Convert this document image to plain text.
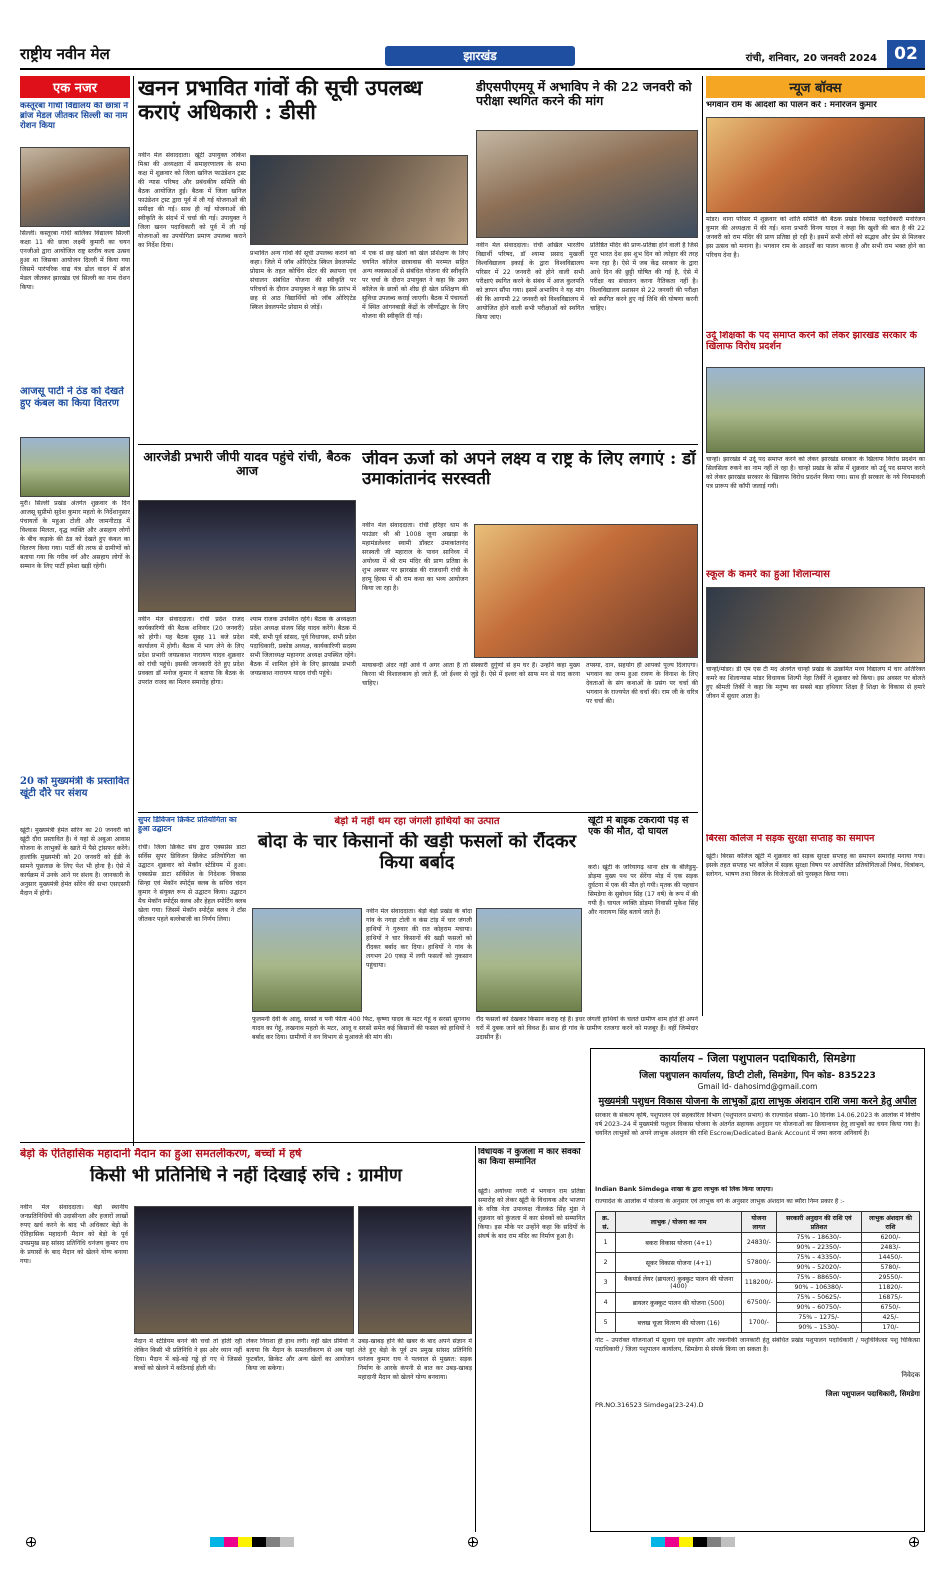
राष्ट्रीय नवीन मेल	झारखंड	रांची, शनिवार, 20 जनवरी 2024	02
एक नजर
कस्तूरबा गांधी विद्यालय की छात्रा ने ब्रांज मेडल जीतकर सिल्ली का नाम रोशन किया
सिल्ली। कस्तूरबा गांधी बालिका विद्यालय सिल्ली कक्षा 11 की छात्रा लक्ष्मी कुमारी का चयन एनजीओ द्वारा आयोजित राष्ट्र स्तरीय कला उत्सव हुआ था जिसका आयोजन दिल्ली में किया गया जिसमें पारंपरिक वाद्य यंत्र ढोल वादन में ब्रांज मेडल जीतकर झारखंड एवं सिल्ली का नाम रोशन किया।
आजसू पार्टी ने ठंड को देखते हुए कंबल का किया वितरण
मुरी। सिल्ली प्रखंड अंतर्गत शुक्रवार के दिन आजसू सुप्रीमो सुदेश कुमार महतो के निर्देशानुसार पंचायतों के महुआ टोली और जामनीटाड़ में विश्वास मिलता, वृद्ध व्यक्ति और असहाय लोगों के बीच कड़ाके की ठंड को देखते हुए कंबल का वितरण किया गया। पार्टी की तरफ से ग्रामीणों को बताया गया कि गरीब वर्ग और असहाय लोगों के सम्मान के लिए पार्टी हमेशा खड़ी रहेगी।
20 को मुख्यमंत्री के प्रस्तावित खूंटी दौरे पर संशय
खूंटी। मुख्यमंत्री हेमंत सोरेन का 20 जनवरी को खूंटी दौरा प्रस्तावित है। वे यहां से अबुआ आवास योजना के लाभुकों के खाते में पैसे ट्रांसफर करेंगे। हालांकि मुख्यमंत्री को 20 जनवरी को ईडी के सामने पूछताछ के लिए पेश भी होना है। ऐसे में कार्यक्रम में उनके आने पर संशय है। जानकारी के अनुसार मुख्यमंत्री हेमंत सोरेन की सभा एसएसपी मैदान में होगी।
खनन प्रभावित गांवों की सूची उपलब्ध कराएं अधिकारी : डीसी
नवीन मेल संवाददाता। खूंटी उपायुक्त लोकेश मिश्रा की अध्यक्षता में समाहरणालय के सभा कक्ष में शुक्रवार को जिला खनिज फाउंडेशन ट्रस्ट की न्यास परिषद और प्रबंधकीय समिति की बैठक आयोजित हुई। बैठक में जिला खनिज फाउंडेशन ट्रस्ट द्वारा पूर्व में ली गई योजनाओं की समीक्षा की गई। साथ ही नई योजनाओं की स्वीकृति के संदर्भ में चर्चा की गई। उपायुक्त ने जिला खनन पदाधिकारी को पूर्व में ली गई योजनाओं का उपयोगिता प्रमाण उपलब्ध कराने का निर्देश दिया।
प्रभावित अन्य गांवों की सूची उपलब्ध कराने को कहा। जिले में जॉब ओरिएंटेड स्किल डेवलपमेंट प्रोग्राम के तहत कोचिंग सेंटर की स्थापना एवं संचालन संबंधित योजना की स्वीकृति पर परिचर्चा के दौरान उपायुक्त ने कहा कि प्रारंभ में छह से आठ विद्यार्थियों को जॉब ओरिएंटेड स्किल डेवलपमेंट प्रोग्राम से जोड़ें।
में एक से छह खेलों को खेल प्रशिक्षण के लिए चयनित कॉलेज छात्रावास की मरम्मत सहित अन्य व्यवस्थाओं से संबंधित योजना की स्वीकृति पर चर्चा के दौरान उपायुक्त ने कहा कि उक्त कॉलेज के छात्रों को शीघ्र ही खेल प्रशिक्षण की सुविधा उपलब्ध कराई जाएगी। बैठक में पंचायतों में स्थित आंगनबाड़ी केंद्रों के जीर्णोद्धार के लिए योजना की स्वीकृति दी गई।
डीएसपीएमयू में अभाविप ने की 22 जनवरी को परीक्षा स्थगित करने की मांग
नवीन मेल संवाददाता। रांची अखिल भारतीय विद्यार्थी परिषद, डॉ श्यामा प्रसाद मुखर्जी विश्वविद्यालय इकाई के द्वारा विश्वविद्यालय परिसर में 22 जनवरी को होने वाली सभी परीक्षाएं स्थगित करने के संबंध में आज कुलपति को ज्ञापन सौंपा गया। इसमें अभाविप ने यह मांग की कि आगामी 22 जनवरी को विश्वविद्यालय में आयोजित होने वाली सभी परीक्षाओं को स्थगित किया जाए।
प्रतिष्ठित मंदिर की प्राण-प्रतिष्ठा होने वाली है जिसे पूरा भारत देश इस शुभ दिन को त्योहार की तरह मना रहा है। ऐसे में जब केंद्र सरकार के द्वारा आधे दिन की छुट्टी घोषित की गई है, ऐसे में परीक्षा का संचालन करना नैतिकता नहीं है। विश्वविद्यालय प्रशासन से 22 जनवरी की परीक्षा को स्थगित करने हुए नई तिथि की घोषणा करनी चाहिए।
न्यूज बॉक्स
भगवान राम के आदर्शों का पालन करें : मनोरंजन कुमार
मांडर। थाना परिसर में शुक्रवार को शांति समिति की बैठक प्रखंड विकास पदाधिकारी मनोरंजन कुमार की अध्यक्षता में की गई। थाना प्रभारी विनय यादव ने कहा कि खुशी की बात है की 22 जनवरी को राम मंदिर की प्राण प्रतिष्ठा हो रही है। इसमें सभी लोगों को सद्भाव और प्रेम से मिलकर इस उत्सव को मनाना है। भगवान राम के आदर्शों का पालन करना है और सभी राम भक्त होने का परिचय देना है।
उर्दू शिक्षकों के पद समाप्त करने को लेकर झारखंड सरकार के खिलाफ विरोध प्रदर्शन
चान्हो। झारखंड में उर्दू पद समाप्त करने को लेकर झारखंड सरकार के खिलाफ विरोध प्रदर्शन का सिलसिला रुकने का नाम नहीं ले रहा है। चान्हो प्रखंड के सोंस में शुक्रवार को उर्दू पद समाप्त करने को लेकर झारखंड सरकार के खिलाफ विरोध प्रदर्शन किया गया। साथ ही सरकार के नये नियमावली पत्र प्रारूप की कॉपी जलाई गयी।
स्कूल के कमरे का हुआ शिलान्यास
चान्हो/मांडर। डी एम एस टी मद अंतर्गत चान्हो प्रखंड के उत्क्रमित मध्य विद्यालय में चार अतिरिक्त कमरे का शिलान्यास मांडर विधायक शिल्पी नेहा तिर्की ने शुक्रवार को किया। इस अवसर पर बोलते हुए श्रीमती तिर्की ने कहा कि मनुष्य का सबसे बड़ा हथियार शिक्षा है शिक्षा के विकास से हमारे जीवन में सुधार आता है।
बिरसा कॉलेज में सड़क सुरक्षा सप्ताह का समापन
खूंटी। बिरसा कॉलेज खूंटी में शुक्रवार को सड़क सुरक्षा सप्ताह का समापन समारोह मनाया गया। इसके तहत सप्ताह भर कॉलेज में सड़क सुरक्षा विषय पर आयोजित प्रतियोगिताओं निबंध, चित्रांकन, स्लोगन, भाषण तथा विवज के विजेताओं को पुरस्कृत किया गया।
आरजेडी प्रभारी जीपी यादव पहुंचे रांची, बैठक आज
नवीन मेल संवाददाता। रांची प्रदेश राजद कार्यकारिणी की बैठक शनिवार (20 जनवरी) को होगी। यह बैठक सुबह 11 बजे प्रदेश कार्यालय में होगी। बैठक में भाग लेने के लिए प्रदेश प्रभारी जयप्रकाश नारायण यादव शुक्रवार को रांची पहुंचे। इसकी जानकारी देते हुए प्रदेश प्रवक्ता डॉ मनोज कुमार ने बताया कि बैठक के उपरांत राजद का मिलन समारोह होगा।
श्याम राजक उपस्थित रहेंगे। बैठक के अध्यक्षता प्रदेश अध्यक्ष संजय सिंह यादव करेंगे। बैठक में मंत्री, सभी पूर्व सांसद, पूर्व विधायक, सभी प्रदेश पदाधिकारी, प्रकोष्ठ अध्यक्ष, कार्यकारिणी सदस्य सभी जिलाध्यक्ष महानगर अध्यक्ष उपस्थित रहेंगे। बैठक में शामिल होने के लिए झारखंड प्रभारी जयप्रकाश नारायण यादव रांची पहुंचे।
जीवन ऊर्जा को अपने लक्ष्य व राष्ट्र के लिए लगाएं : डॉ उमाकांतानंद सरस्वती
नवीन मेल संवाददाता। रांची हरिहर धाम के फाउंडर श्री श्री 1008 जूना अखाड़ा के महामंडलेश्वर स्वामी डॉक्टर उमाकांतानंद सरस्वती जी महाराज के पावन सानिध्य में अयोध्या में श्री राम मंदिर की प्राण प्रतिष्ठा के शुभ अवसर पर झारखंड की राजधानी रांची के हरमू हिल्स में श्री राम कथा का भव्य आयोजन किया जा रहा है।
मायाबन्दी अंदर नहीं आवे ये अगर आता है तो संस्कारी दुर्गुणों से हम घर हैं। उन्होंने कहा मुख्य किरना भी विशालकाय हो जाते हैं, जो ईश्वर से जुड़े हैं। ऐसे में इश्वर को साफ मन से याद करना चाहिए।
तपस्या, दान, सहयोग ही आपको पूज्य दिलाएगा। भगवान का जन्म हुआ रावण के विनाश के लिए देवताओं के संग कथाओं के प्रसंग पर चर्चा की भगवान के राज्यपेत की चर्चा की। राम जी के चरित्र पर चर्चा की।
सुपर डिविजन क्रिकेट प्रतियोगिता का हुआ उद्घाटन
रांची। जिला क्रिकेट संघ द्वारा एक्सप्रेस डाटा सर्विस सुपर डिविजन क्रिकेट प्रतियोगिता का उद्घाटन शुक्रवार को मेकॉन स्टेडियम में हुआ। एक्सप्रेस डाटा सर्विसेज के निदेशक विकास सिन्हा एवं मेकॉन स्पोर्ट्स क्लब के सचिव चंदन कुमार ने संयुक्त रूप से उद्घाटन किया। उद्घाटन मैच मेकॉन स्पोर्ट्स क्लब और हेहल स्पोर्टिंग क्लब खेला गया। जिसमें मेकॉन स्पोर्ट्स क्लब ने टॉस जीतकर पहले बल्लेबाजी का निर्णय लिया।
बेड़ो में नहीं थम रहा जंगली हाथियों का उत्पात
बोदा के चार किसानों की खड़ी फसलों को रौंदकर किया बर्बाद
नवीन मेल संवाददाता। बेड़ो बेड़ो प्रखंड के बोदा गांव के नगड़ा टोली व कंस टांड़ में चार जंगली हाथियों ने गुरुवार की रात कोहराम मचाया। हाथियों ने चार किसानों की खड़ी फसलों को रौंदकर बर्बाद कर दिया। हाथियों ने गांव के लगभग 20 एकड़ में लगी फसलों को नुकसान पहुंचाया।
खूंटी में बाइक टकरायी पेड़ से एक की मौत, दो घायल
कर्रा। खूंटी के जरियागढ़ थाना क्षेत्र के बेलिडुमु-डोड़मा मुख्य पथ पर सेरेंगा मोड़ में एक सड़क दुर्घटना में एक की मौत हो गयी। मृतक की पहचान सिमडेगा के सुबोधन सिंह (17 वर्ष) के रूप में की गयी है। घायल व्यक्ति डोड़मा निवासी मुकेश सिंह और नारायण सिंह बताये जाते हैं।
फूलमनी देवी के आलू, सरसो व पनी फीता 400 फिट, कृष्णा यादव के मटर गेहूं व सरसो सुगनाथ यादव का गेहूं, लखनाथ महतो के मटर, आलू व सरसो समेत कई किसानों की फसल को हाथियों ने बर्बाद कर दिया। ग्रामीणों ने वन विभाग से मुआवजे की मांग की।
रौंद फसलों को देखकर किसान कराह रहे हैं। इधर जंगली हाथियों के चलते ग्रामीण शाम होते ही अपने घरों में दुबक जाने को विवश हैं। साथ ही गांव के ग्रामीण रतजगा करने को मजबूर हैं। वहीं जिम्मेदार उदासीन हैं।
कार्यालय – जिला पशुपालन पदाधिकारी, सिमडेगा
जिला पशुपालन कार्यालय, डिप्टी टोली, सिमडेगा, पिन कोड- 835223
Gmail Id- dahosimd@gmail.com
मुख्यमंत्री पशुधन विकास योजना के लाभुकों द्वारा लाभुक अंशदान राशि जमा करने हेतु अपील
सरकार के संकल्प कृषि, पशुपालन एवं सहकारिता विभाग (पशुपालन प्रभाग) के राज्यादेश संख्या–10 दिनांक 14.06.2023 के आलोक में वित्तीय वर्ष 2023–24 में मुख्यमंत्री पशुधन विकास योजना के अंतर्गत सहायक अनुदान पर योजनाओं का क्रियान्वयन हेतु लाभुकों का चयन किया गया है। चयनित लाभुकों को अपने लाभुक अंशदान की राशि Escrow/Dedicated Bank Account में जमा करना अनिवार्य है।
Indian Bank Simdega शाखा के द्वारा लाभुक को लिंक किया जाएगा।
राज्यादेश के आलोक में योजना के अनुसार एवं लाभुक वर्ग के अनुसार लाभुक अंशदान का ब्यौरा निम्न प्रकार है :-
क्र. सं.	लाभुक / योजना का नाम	योजना लागत	सरकारी अनुदान की राशि एवं प्रतिशत	लाभुक अंशदान की राशि
1	बकरा विकास योजना (4+1)	24830/-	75% – 18630/-	6200/-
			90% – 22350/-	2483/-
2	सूकर विकास योजना (4+1)	57800/-	75% – 43350/-	14450/-
			90% – 52020/-	5780/-
3	बैकयार्ड लेयर (ब्रायलर) कुक्कुट पालन की योजना (400)	118200/-	75% – 88650/-	29550/-
			90% – 106380/-	11820/-
4	ब्रायलर कुक्कुट पालन की योजना (500)	67500/-	75% – 50625/-	16875/-
			90% – 60750/-	6750/-
5	बत्तख चूजा वितरण की योजना (16)	1700/-	75% – 1275/-	425/-
			90% – 1530/-	170/-
नोट – उपरोक्त योजनाओं में सूचना एवं सहयोग और तकनीकी जानकारी हेतु संबंधित प्रखंड पशुपालन पदाधिकारी / पशुचिकित्सा पशु चिकित्सा पदाधिकारी / जिला पशुपालन कार्यालय, सिमडेगा से संपर्क किया जा सकता है।
निवेदक
जिला पशुपालन पदाधिकारी, सिमडेगा
PR.NO.316523 Simdega(23-24).D
बेड़ो के ऐतिहासिक महादानी मैदान का हुआ समतलीकरण, बच्चों में हर्ष
किसी भी प्रतिनिधि ने नहीं दिखाई रुचि : ग्रामीण
नवीन मेल संवाददाता। बेड़ो स्थानीय जनप्रतिनिधियों की उदासीनता और हजारों लाखों रुपए खर्च करने के बाद भी अधिकार बेड़ो के ऐतिहासिक महादानी मैदान को बेड़ो के पूर्व उपप्रमुख सह सांसद प्रतिनिधि धनंजय कुमार राय के प्रयासों के बाद मैदान को खेलने योग्य बनाया गया।
मैदान में स्टेडियम बनने की चर्चा तो होती रही लेकिन किसी भी प्रतिनिधि ने इस ओर ध्यान नहीं दिया। मैदान में बड़े-बड़े गड्ढे हो गए थे जिससे बच्चों को खेलने में कठिनाई होती थी।
लेकर निराशा ही हाथ लगी। वहीं खेल प्रेमियों ने बताया कि मैदान के समतलीकरण से अब यहां फुटबॉल, क्रिकेट और अन्य खेलों का आयोजन किया जा सकेगा।
उबड़-खाबड़ होने की खबर के बाद अपने संज्ञान में लेते हुए बेड़ो के पूर्व उप प्रमुख सांसद प्रतिनिधि धनंजय कुमार राय ने पलवाल से मुख्यत: सड़क निर्माण के आरके कंपनी से बात कर उबड़-खाबड़ महादानी मैदान को खेलने योग्य बनवाया।
विधायक ने कुंजला में कार सेवकों का किया सम्मानित
खूंटी। अयोध्या नगरी में भगवान राम प्रतिष्ठा समारोह को लेकर खूंटी के विधायक और भाजपा के वरिष्ठ नेता उपाध्यक्ष नीलकंठ सिंह मुंडा ने शुक्रवार को कुंजला में कार सेवकों को सम्मानित किया। इस मौके पर उन्होंने कहा कि सदियों के संघर्ष के बाद राम मंदिर का निर्माण हुआ है।
